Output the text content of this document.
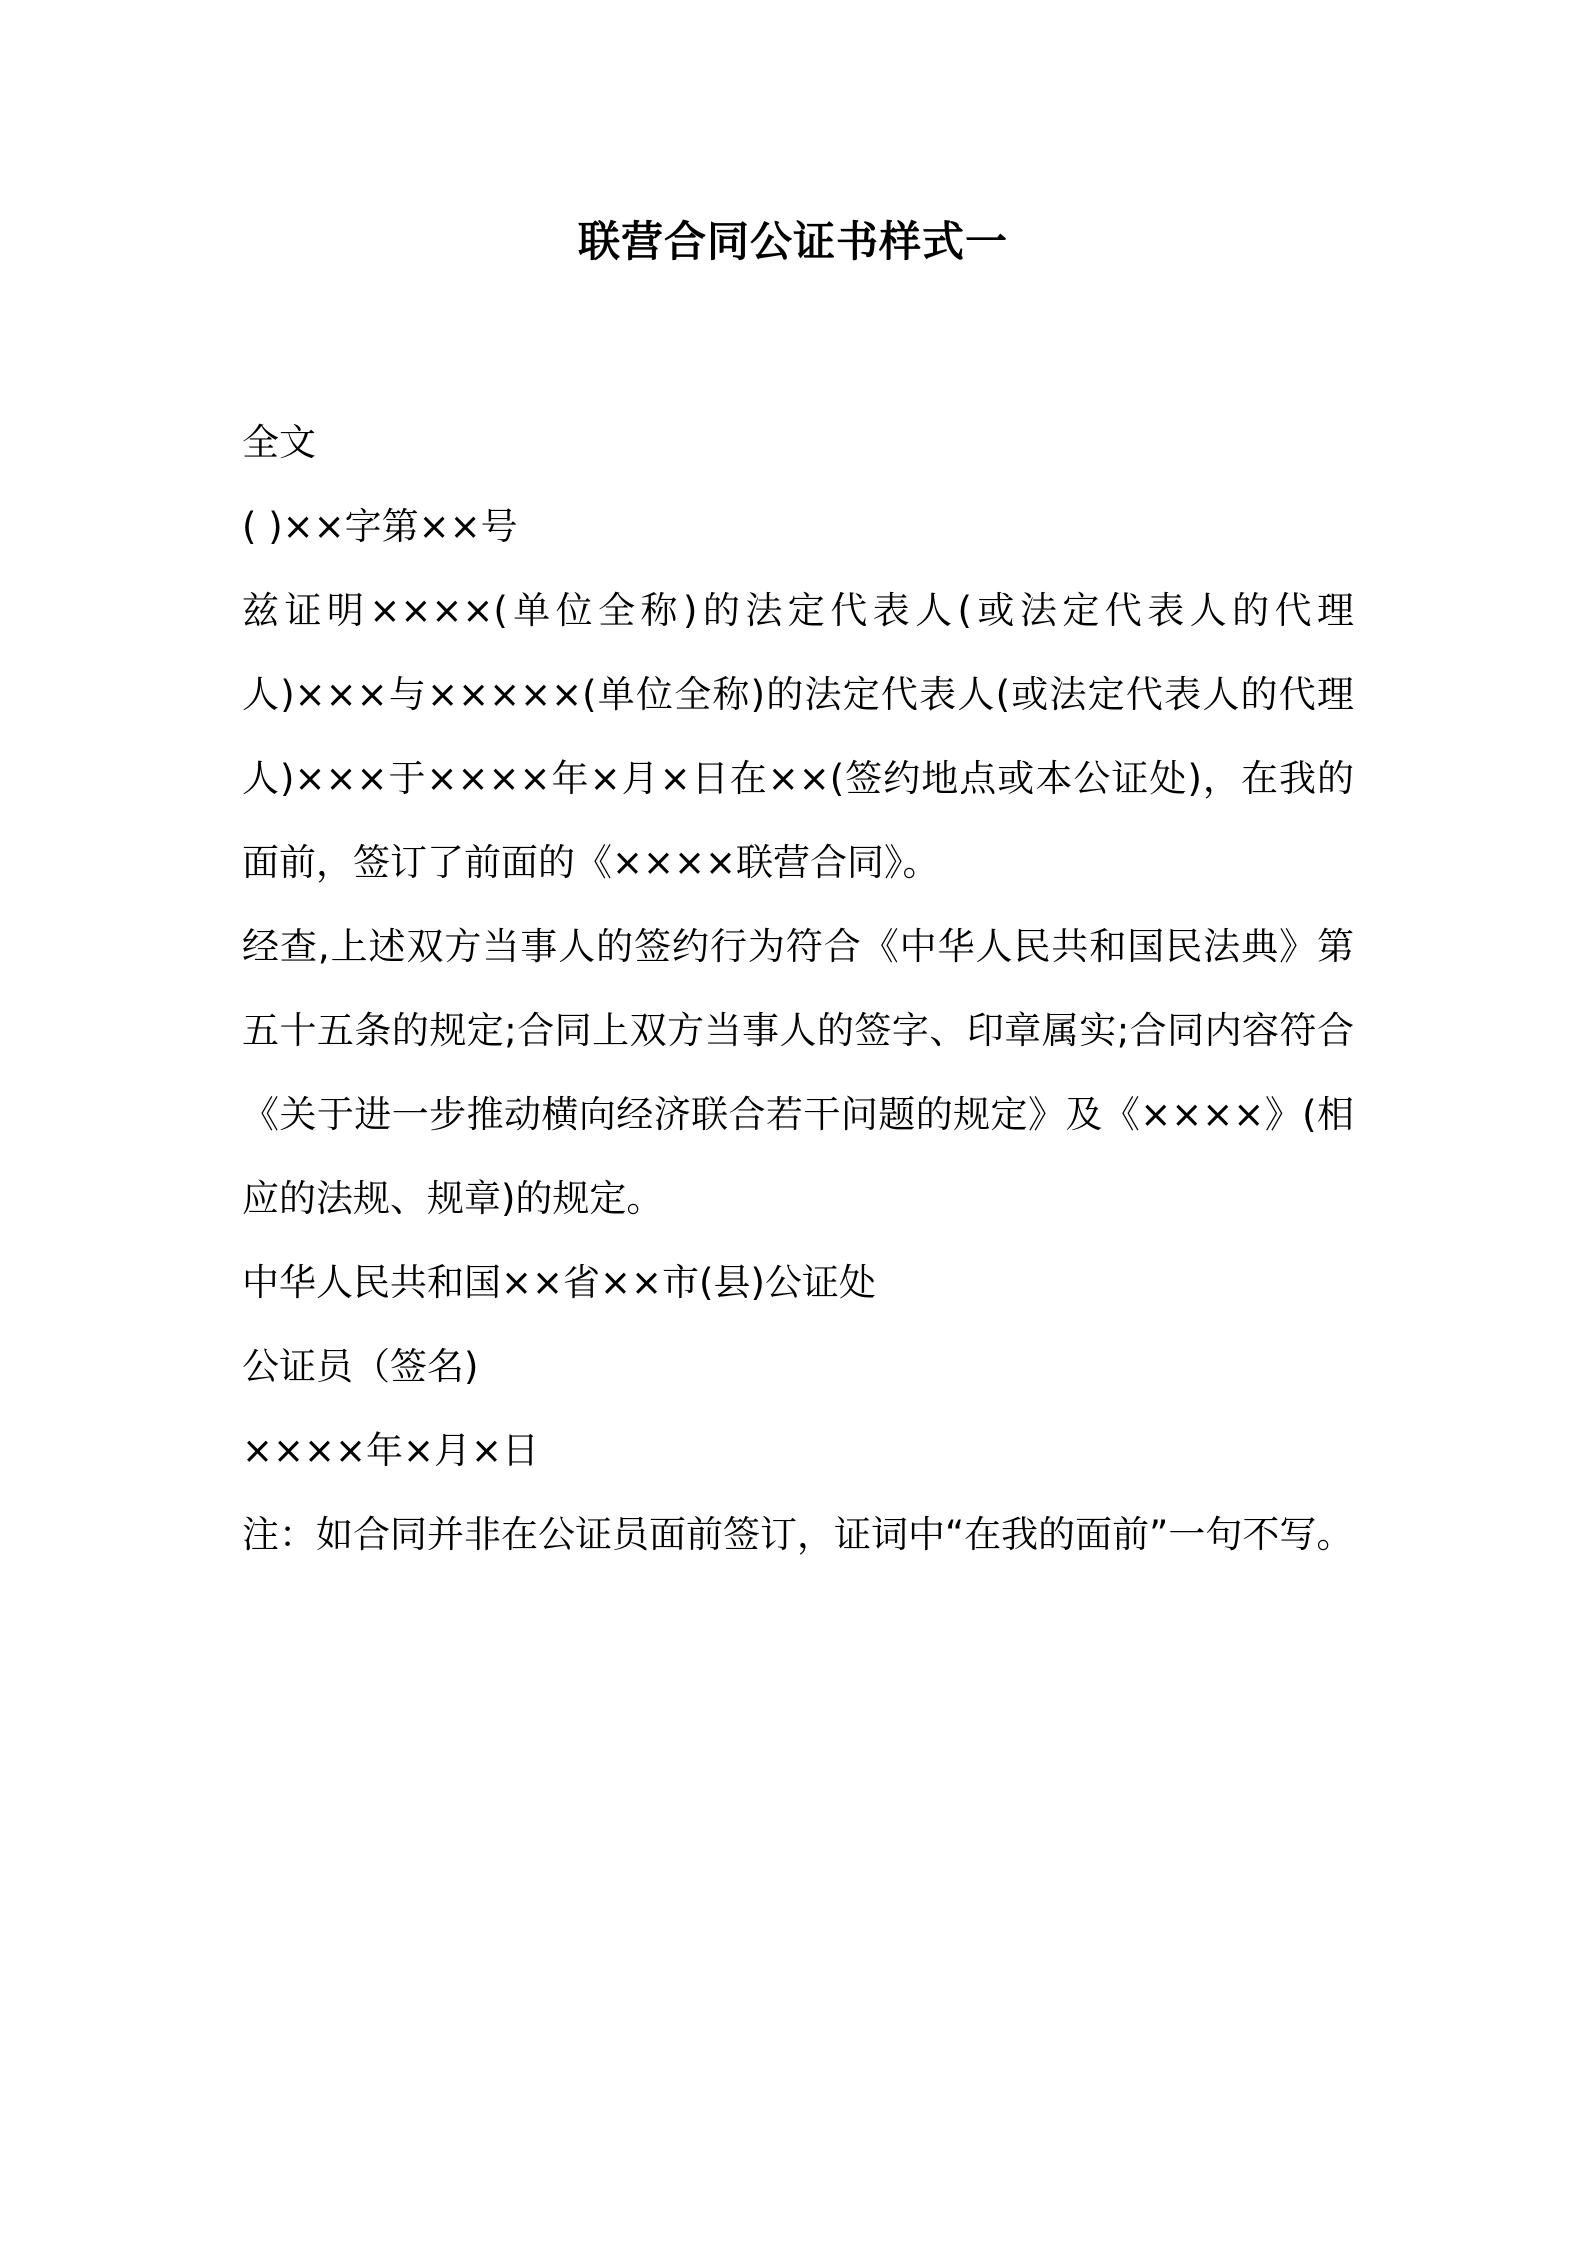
联营合同公证书样式一

全文

( )××字第××号

兹证明××××(单位全称)的法定代表人(或法定代表人的代理人)×××与×××××(单位全称)的法定代表人(或法定代表人的代理人)×××于××××年×月×日在××(签约地点或本公证处)，在我的面前，签订了前面的《××××联营合同》。

经查,上述双方当事人的签约行为符合《中华人民共和国民法典》第五十五条的规定;合同上双方当事人的签字、印章属实;合同内容符合《关于进一步推动横向经济联合若干问题的规定》及《××××》(相应的法规、规章)的规定。

中华人民共和国××省××市(县)公证处

公证员（签名)

××××年×月×日

注：如合同并非在公证员面前签订，证词中“在我的面前”一句不写。
